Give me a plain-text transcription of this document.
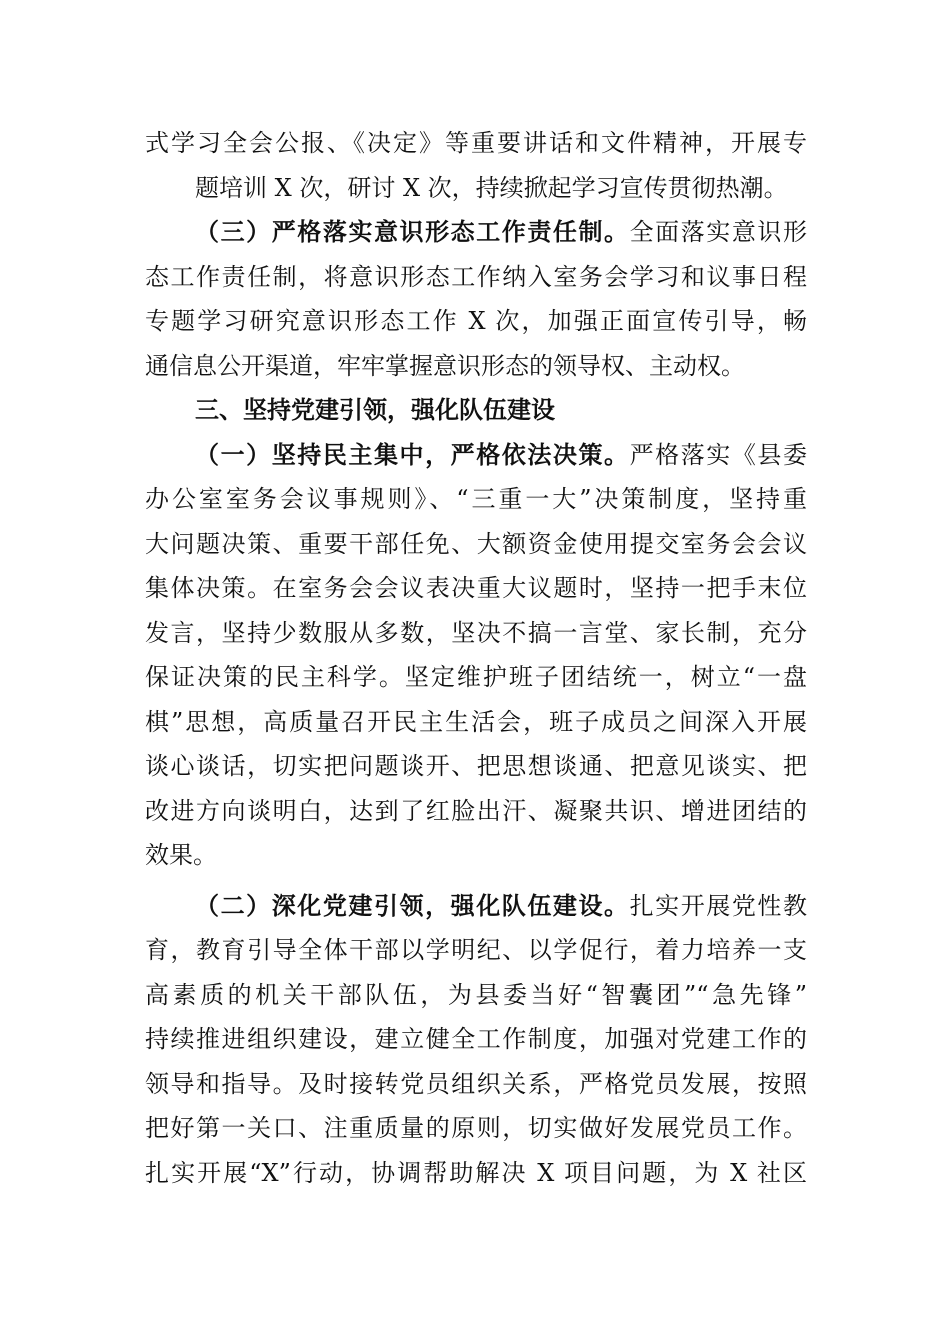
式学习全会公报、《决定》等重要讲话和文件精神，开展专
题培训 X 次，研讨 X 次，持续掀起学习宣传贯彻热潮。
（三）严格落实意识形态工作责任制。全面落实意识形
态工作责任制，将意识形态工作纳入室务会学习和议事日程
专题学习研究意识形态工作 X 次，加强正面宣传引导，畅
通信息公开渠道，牢牢掌握意识形态的领导权、主动权。
三、坚持党建引领，强化队伍建设
（一）坚持民主集中，严格依法决策。严格落实《县委
办公室室务会议事规则》、“三重一大”决策制度，坚持重
大问题决策、重要干部任免、大额资金使用提交室务会会议
集体决策。在室务会会议表决重大议题时，坚持一把手末位
发言，坚持少数服从多数，坚决不搞一言堂、家长制，充分
保证决策的民主科学。坚定维护班子团结统一，树立“一盘
棋”思想，高质量召开民主生活会，班子成员之间深入开展
谈心谈话，切实把问题谈开、把思想谈通、把意见谈实、把
改进方向谈明白，达到了红脸出汗、凝聚共识、增进团结的
效果。
（二）深化党建引领，强化队伍建设。扎实开展党性教
育，教育引导全体干部以学明纪、以学促行，着力培养一支
高素质的机关干部队伍，为县委当好“智囊团”“急先锋”
持续推进组织建设，建立健全工作制度，加强对党建工作的
领导和指导。及时接转党员组织关系，严格党员发展，按照
把好第一关口、注重质量的原则，切实做好发展党员工作。
扎实开展“X”行动，协调帮助解决 X 项目问题，为 X 社区
